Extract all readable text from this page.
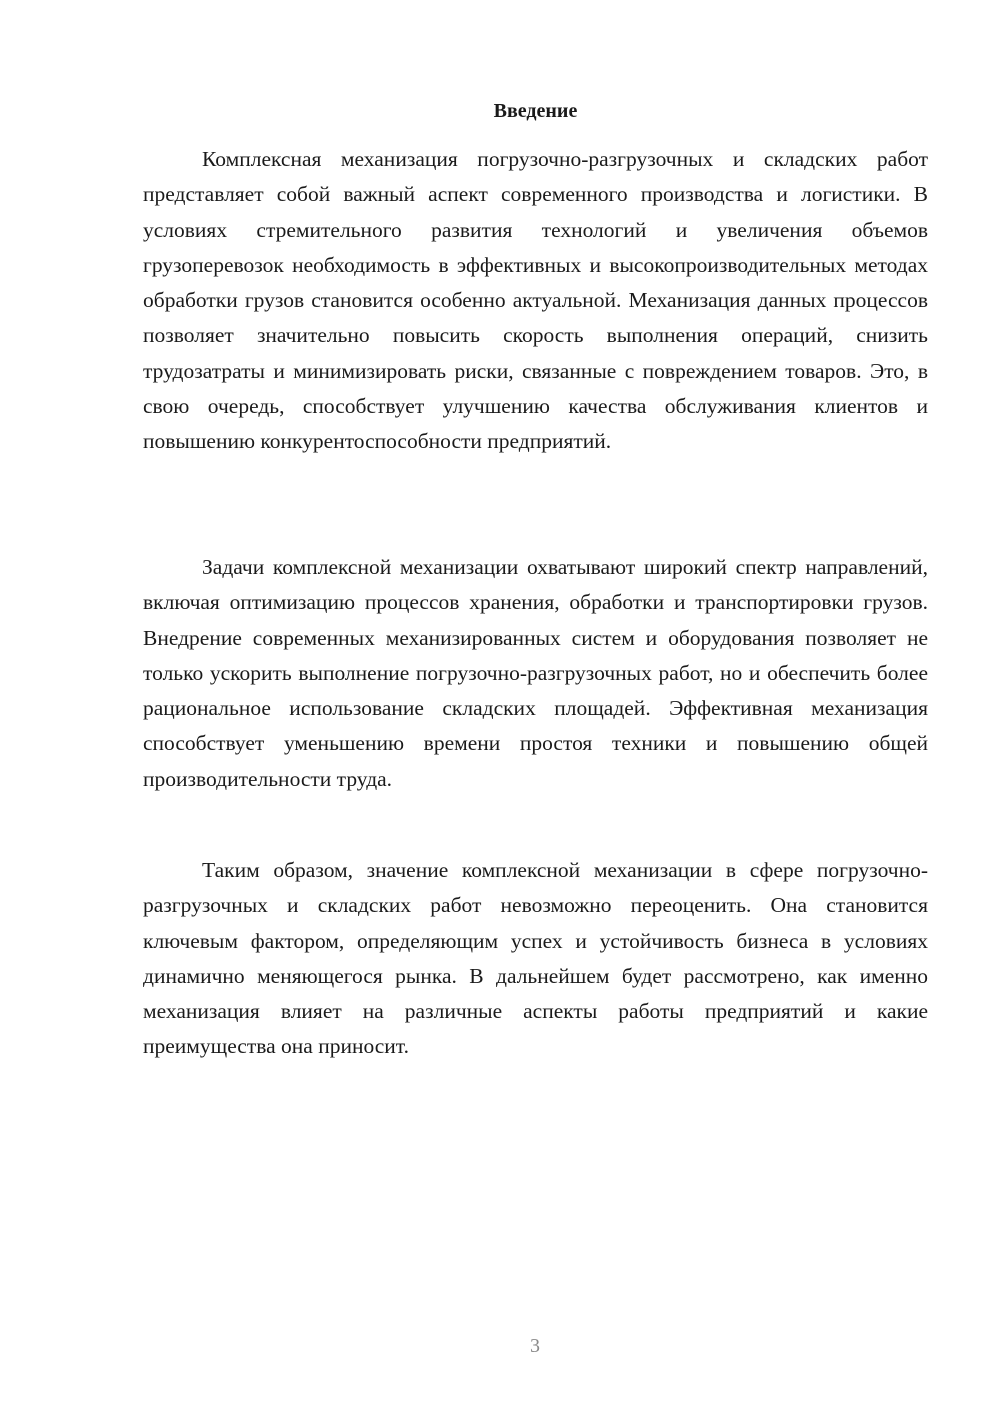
Введение

Комплексная механизация погрузочно-разгрузочных и складских работ представляет собой важный аспект современного производства и логистики. В условиях стремительного развития технологий и увеличения объемов грузоперевозок необходимость в эффективных и высокопроизводительных методах обработки грузов становится особенно актуальной. Механизация данных процессов позволяет значительно повысить скорость выполнения операций, снизить трудозатраты и минимизировать риски, связанные с повреждением товаров. Это, в свою очередь, способствует улучшению качества обслуживания клиентов и повышению конкурентоспособности предприятий.

Задачи комплексной механизации охватывают широкий спектр направлений, включая оптимизацию процессов хранения, обработки и транспортировки грузов. Внедрение современных механизированных систем и оборудования позволяет не только ускорить выполнение погрузочно-разгрузочных работ, но и обеспечить более рациональное использование складских площадей. Эффективная механизация способствует уменьшению времени простоя техники и повышению общей производительности труда.

Таким образом, значение комплексной механизации в сфере погрузочно-разгрузочных и складских работ невозможно переоценить. Она становится ключевым фактором, определяющим успех и устойчивость бизнеса в условиях динамично меняющегося рынка. В дальнейшем будет рассмотрено, как именно механизация влияет на различные аспекты работы предприятий и какие преимущества она приносит.

3
